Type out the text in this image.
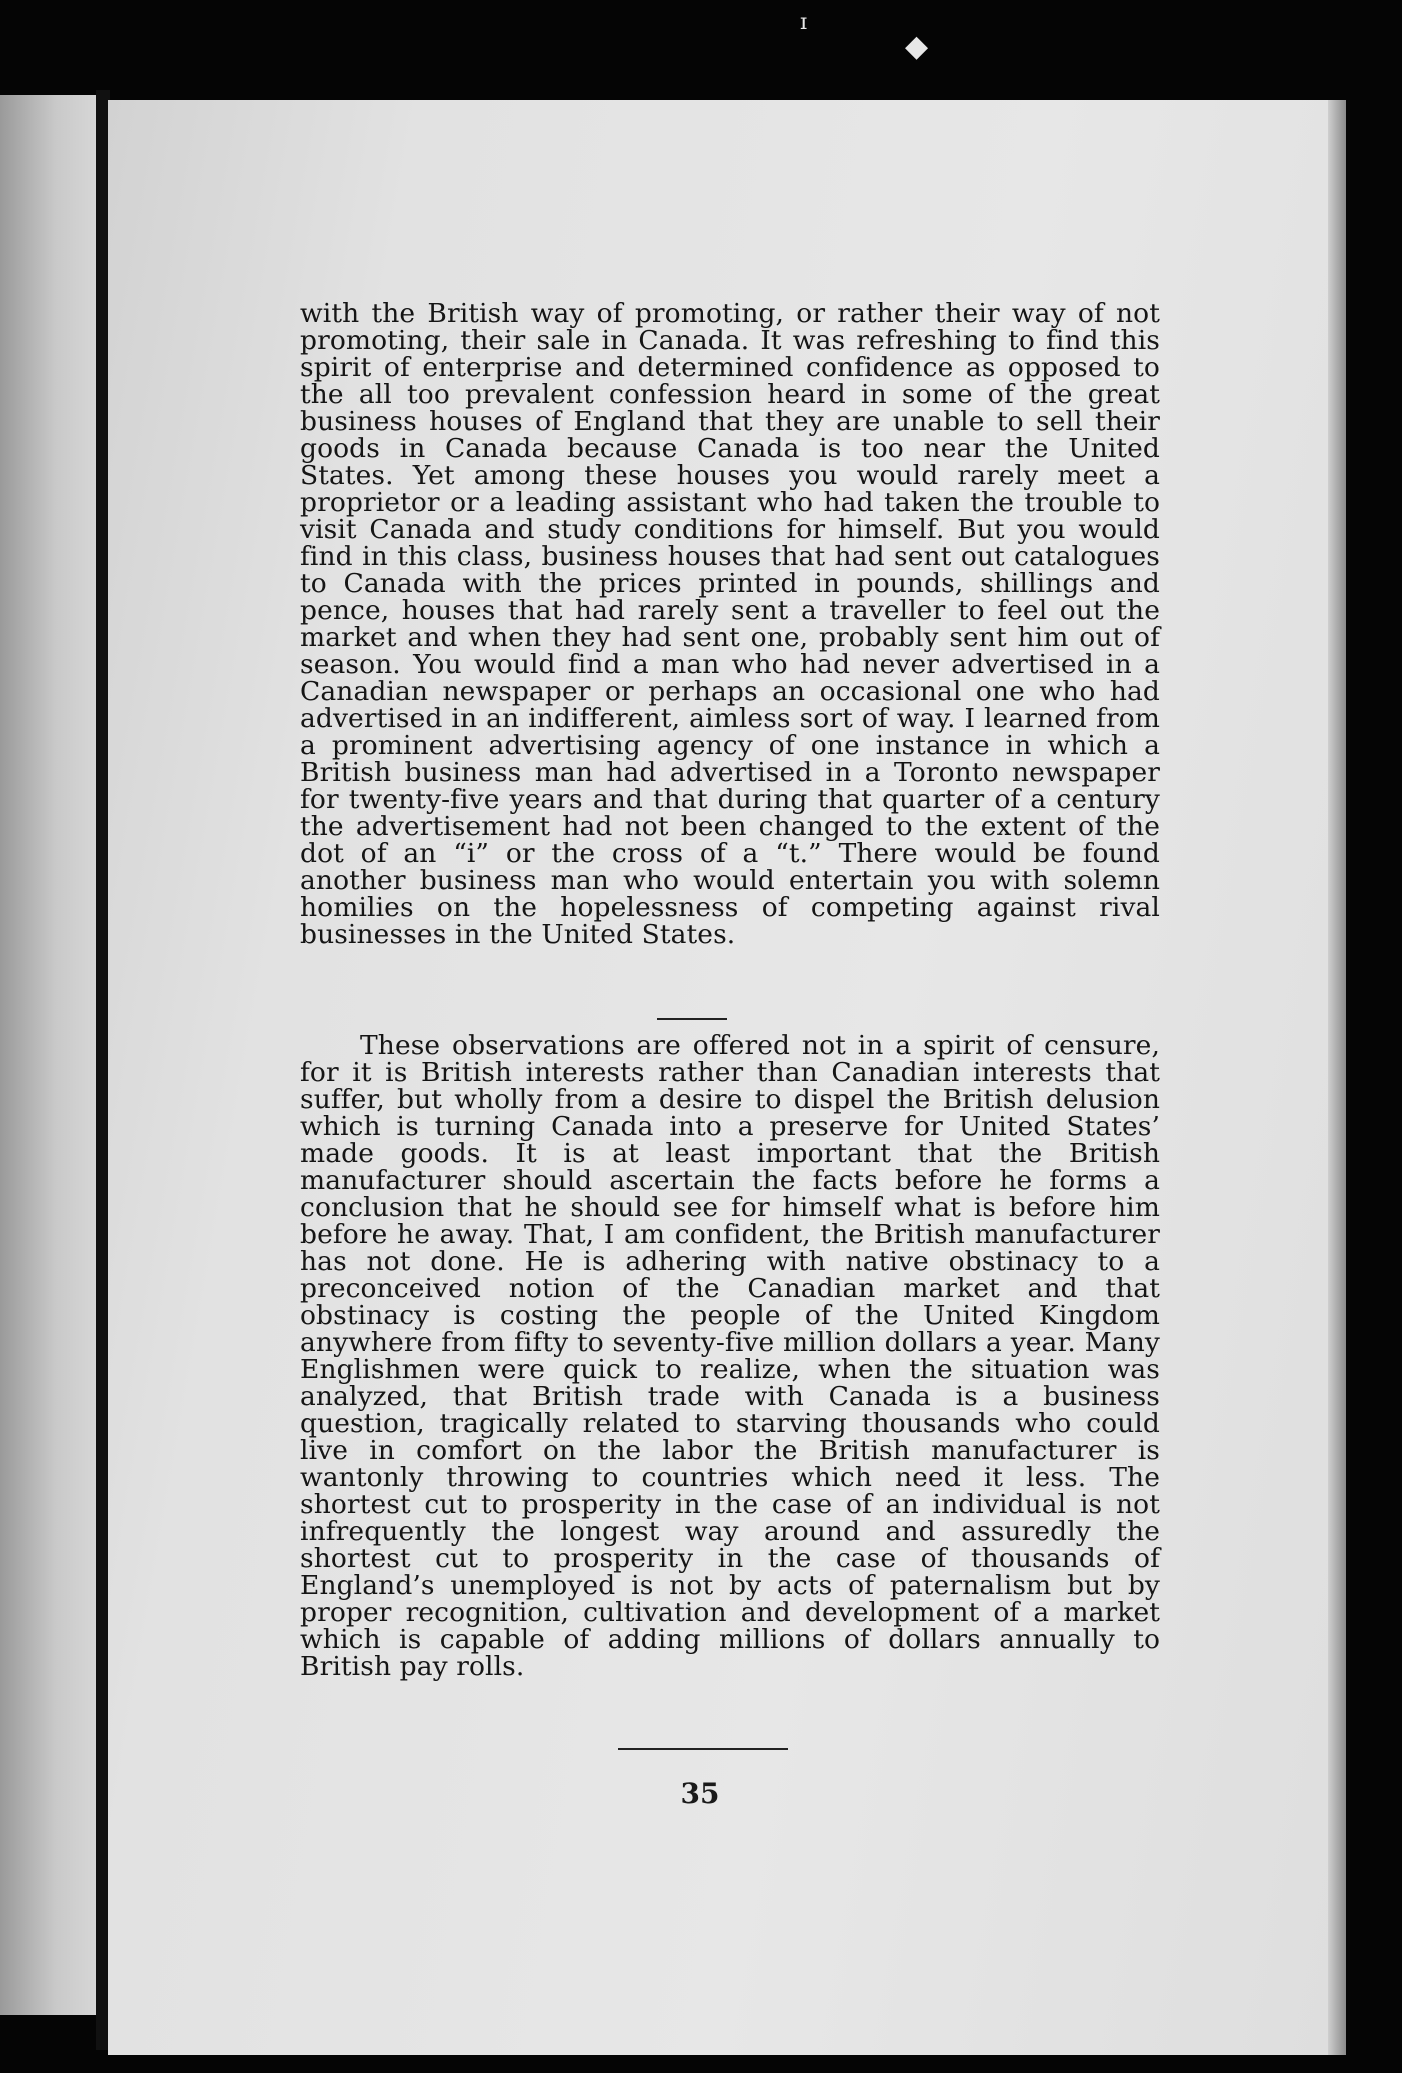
ɪ
◆

with the British way of promoting, or rather their way of not promoting, their sale in Canada. It was refreshing to find this spirit of enterprise and determined confidence as opposed to the all too prevalent confession heard in some of the great business houses of England that they are unable to sell their goods in Canada because Canada is too near the United States. Yet among these houses you would rarely meet a proprietor or a leading assistant who had taken the trouble to visit Canada and study conditions for himself. But you would find in this class, business houses that had sent out catalogues to Canada with the prices printed in pounds, shillings and pence, houses that had rarely sent a traveller to feel out the market and when they had sent one, probably sent him out of season. You would find a man who had never advertised in a Canadian newspaper or perhaps an occasional one who had advertised in an indifferent, aimless sort of way. I learned from a prominent advertising agency of one instance in which a British business man had advertised in a Toronto newspaper for twenty-five years and that during that quarter of a century the advertisement had not been changed to the extent of the dot of an “i” or the cross of a “t.” There would be found another business man who would entertain you with solemn homilies on the hopelessness of competing against rival businesses in the United States.

These observations are offered not in a spirit of censure, for it is British interests rather than Canadian interests that suffer, but wholly from a desire to dispel the British delusion which is turning Canada into a preserve for United States’ made goods. It is at least important that the British manufacturer should ascertain the facts before he forms a conclusion that he should see for himself what is before him before he away. That, I am confident, the British manufacturer has not done. He is adhering with native obstinacy to a preconceived notion of the Canadian market and that obstinacy is costing the people of the United Kingdom anywhere from fifty to seventy-five million dollars a year. Many Englishmen were quick to realize, when the situation was analyzed, that British trade with Canada is a business question, tragically related to starving thousands who could live in comfort on the labor the British manufacturer is wantonly throwing to countries which need it less. The shortest cut to prosperity in the case of an individual is not infrequently the longest way around and assuredly the shortest cut to prosperity in the case of thousands of England’s unemployed is not by acts of paternalism but by proper recognition, cultivation and development of a market which is capable of adding millions of dollars annually to British pay rolls.

35
